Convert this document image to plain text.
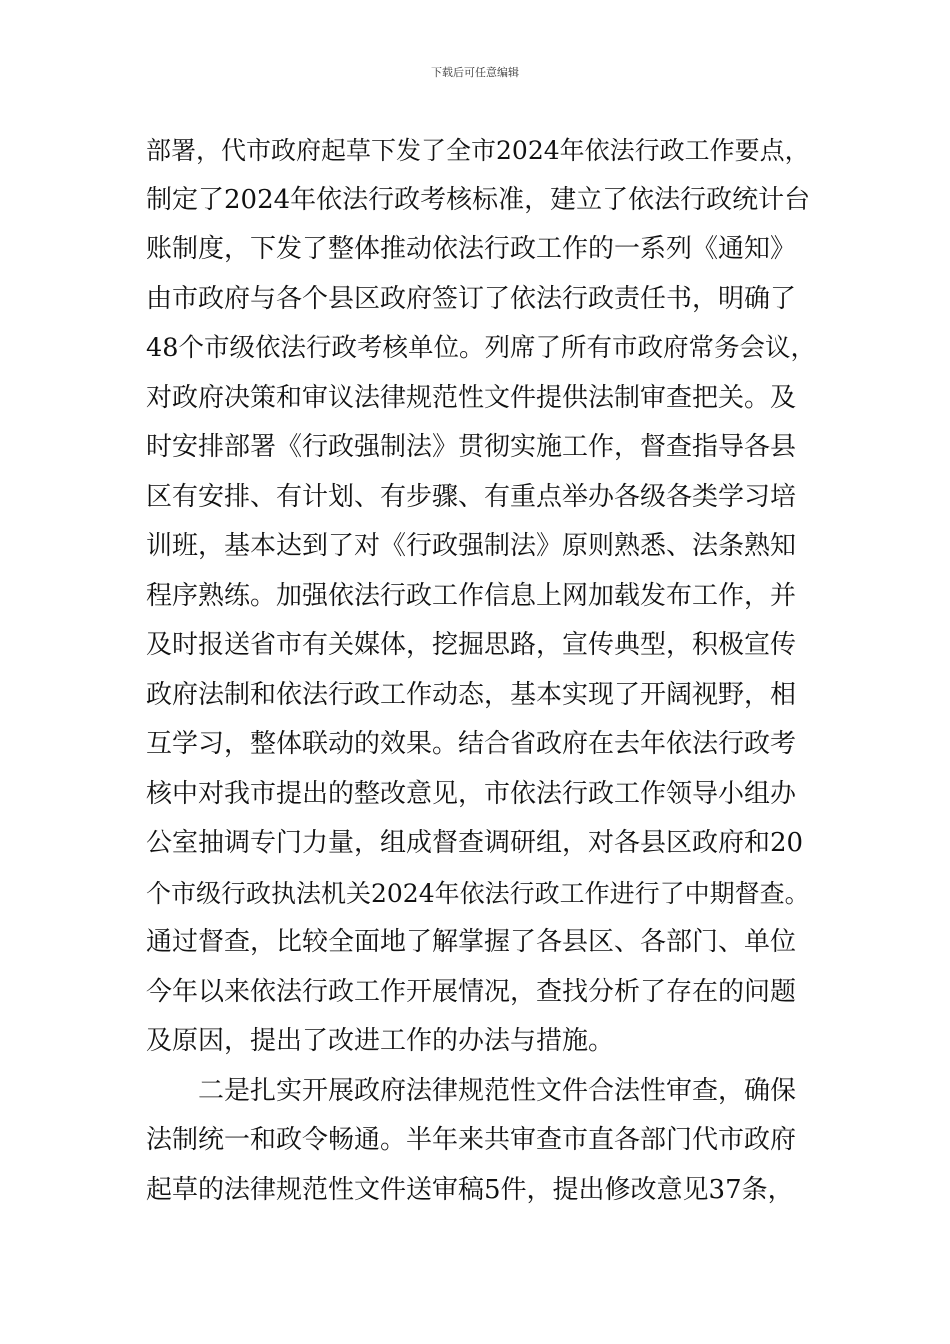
下载后可任意编辑
部署，代市政府起草下发了全市2024年依法行政工作要点，
制定了2024年依法行政考核标准，建立了依法行政统计台
账制度，下发了整体推动依法行政工作的一系列《通知》
由市政府与各个县区政府签订了依法行政责任书，明确了
48个市级依法行政考核单位。列席了所有市政府常务会议，
对政府决策和审议法律规范性文件提供法制审查把关。及
时安排部署《行政强制法》贯彻实施工作，督查指导各县
区有安排、有计划、有步骤、有重点举办各级各类学习培
训班，基本达到了对《行政强制法》原则熟悉、法条熟知
程序熟练。加强依法行政工作信息上网加载发布工作，并
及时报送省市有关媒体，挖掘思路，宣传典型，积极宣传
政府法制和依法行政工作动态，基本实现了开阔视野，相
互学习，整体联动的效果。结合省政府在去年依法行政考
核中对我市提出的整改意见，市依法行政工作领导小组办
公室抽调专门力量，组成督查调研组，对各县区政府和20
个市级行政执法机关2024年依法行政工作进行了中期督查。
通过督查，比较全面地了解掌握了各县区、各部门、单位
今年以来依法行政工作开展情况，查找分析了存在的问题
及原因，提出了改进工作的办法与措施。
二是扎实开展政府法律规范性文件合法性审查，确保
法制统一和政令畅通。半年来共审查市直各部门代市政府
起草的法律规范性文件送审稿5件，提出修改意见37条，
